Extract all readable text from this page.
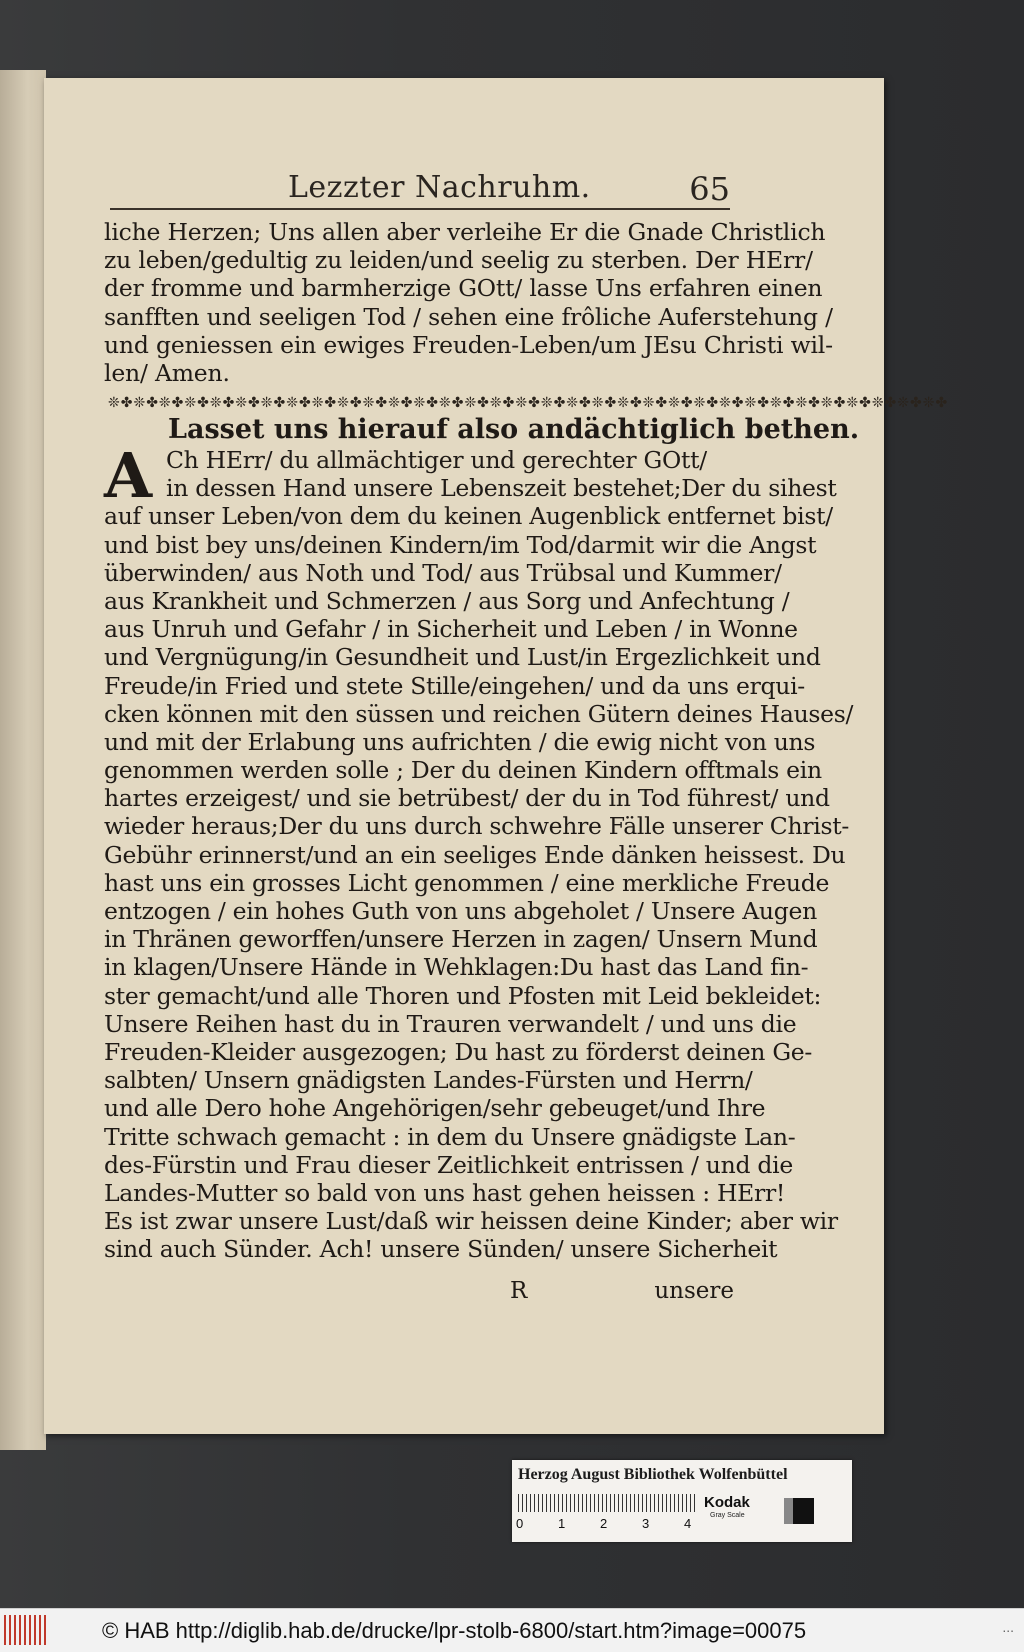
Lezzter Nachruhm.	65
liche Herzen; Uns allen aber verleihe Er die Gnade Christlich
zu leben/gedultig zu leiden/und seelig zu sterben. Der HErr/
der fromme und barmherzige GOtt/ lasse Uns erfahren einen
sanfften und seeligen Tod / sehen eine frôliche Auferstehung /
und geniessen ein ewiges Freuden-Leben/um JEsu Christi wil-
len/ Amen.
❊✤❊✤❊✤❊✤❊✤❊✤❊✤❊✤❊✤❊✤❊✤❊✤❊✤❊✤❊✤❊✤❊✤❊✤❊✤❊✤❊✤❊✤❊✤❊✤❊✤❊✤❊✤❊✤❊✤❊✤❊✤❊✤❊✤
Lasset uns hierauf also andächtiglich bethen.
A Ch HErr/ du allmächtiger und gerechter GOtt/
in dessen Hand unsere Lebenszeit bestehet;Der du sihest
auf unser Leben/von dem du keinen Augenblick entfernet bist/
und bist bey uns/deinen Kindern/im Tod/darmit wir die Angst
überwinden/ aus Noth und Tod/ aus Trübsal und Kummer/
aus Krankheit und Schmerzen / aus Sorg und Anfechtung /
aus Unruh und Gefahr / in Sicherheit und Leben / in Wonne
und Vergnügung/in Gesundheit und Lust/in Ergezlichkeit und
Freude/in Fried und stete Stille/eingehen/ und da uns erqui-
cken können mit den süssen und reichen Gütern deines Hauses/
und mit der Erlabung uns aufrichten / die ewig nicht von uns
genommen werden solle ; Der du deinen Kindern offtmals ein
hartes erzeigest/ und sie betrübest/ der du in Tod führest/ und
wieder heraus;Der du uns durch schwehre Fälle unserer Christ-
Gebühr erinnerst/und an ein seeliges Ende dänken heissest. Du
hast uns ein grosses Licht genommen / eine merkliche Freude
entzogen / ein hohes Guth von uns abgeholet / Unsere Augen
in Thränen geworffen/unsere Herzen in zagen/ Unsern Mund
in klagen/Unsere Hände in Wehklagen:Du hast das Land fin-
ster gemacht/und alle Thoren und Pfosten mit Leid bekleidet:
Unsere Reihen hast du in Trauren verwandelt / und uns die
Freuden-Kleider ausgezogen; Du hast zu förderst deinen Ge-
salbten/ Unsern gnädigsten Landes-Fürsten und Herrn/
und alle Dero hohe Angehörigen/sehr gebeuget/und Ihre
Tritte schwach gemacht : in dem du Unsere gnädigste Lan-
des-Fürstin und Frau dieser Zeitlichkeit entrissen / und die
Landes-Mutter so bald von uns hast gehen heissen : HErr!
Es ist zwar unsere Lust/daß wir heissen deine Kinder; aber wir
sind auch Sünder. Ach! unsere Sünden/ unsere Sicherheit
R	unsere
Herzog August Bibliothek Wolfenbüttel
0	1	2	3	4
Kodak
Gray Scale
© HAB http://diglib.hab.de/drucke/lpr-stolb-6800/start.htm?image=00075	...
